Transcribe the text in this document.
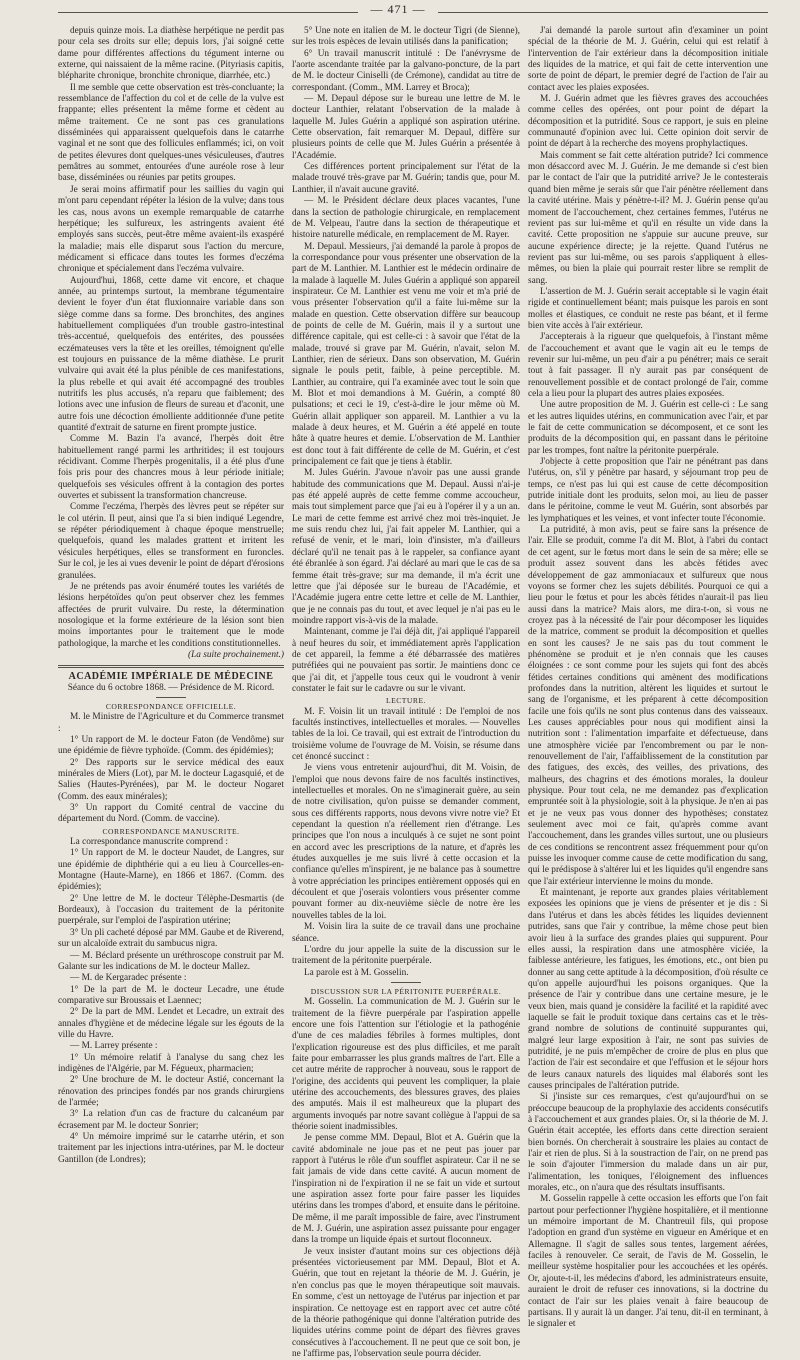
— 471 —

depuis quinze mois. La diathèse herpétique ne perdit pas pour cela ses droits sur elle; depuis lors, j'ai soigné cette dame pour différentes affections du tégument interne ou externe, qui naissaient de la même racine. (Pityriasis capitis, blépharite chronique, bronchite chronique, diarrhée, etc.)

Il me semble que cette observation est très-concluante; la ressemblance de l'affection du col et de celle de la vulve est frappante; elles présentent la même forme et cèdent au même traitement. Ce ne sont pas ces granulations disséminées qui apparaissent quelquefois dans le catarrhe vaginal et ne sont que des follicules enflammés; ici, on voit de petites élevures dont quelques-unes vésiculeuses, d'autres pemâtres au sommet, entourées d'une auréole rose à leur base, disséminées ou réunies par petits groupes.

Je serai moins affirmatif pour les saillies du vagin qui m'ont paru cependant répéter la lésion de la vulve; dans tous les cas, nous avons un exemple remarquable de catarrhe herpétique; les sulfureux, les astringents avaient été employés sans succès, peut-être même avaient-ils exaspéré la maladie; mais elle disparut sous l'action du mercure, médicament si efficace dans toutes les formes d'eczéma chronique et spécialement dans l'eczéma vulvaire.

Aujourd'hui, 1868, cette dame vit encore, et chaque année, au printemps surtout, la membrane tégumentaire devient le foyer d'un état fluxionnaire variable dans son siège comme dans sa forme. Des bronchites, des angines habituellement compliquées d'un trouble gastro-intestinal très-accentué, quelquefois des entérites, des poussées eczémateuses vers la tête et les oreilles, témoignent qu'elle est toujours en puissance de la même diathèse. Le prurit vulvaire qui avait été la plus pénible de ces manifestations, la plus rebelle et qui avait été accompagné des troubles nutritifs les plus accusés, n'a reparu que faiblement; des lotions avec une infusion de fleurs de sureau et d'aconit, une autre fois une décoction émolliente additionnée d'une petite quantité d'extrait de saturne en firent prompte justice.

Comme M. Bazin l'a avancé, l'herpès doit être habituellement rangé parmi les arthritides; il est toujours récidivant. Comme l'herpès progenitalis, il a été plus d'une fois pris pour des chancres mous à leur période initiale; quelquefois ses vésicules offrent à la contagion des portes ouvertes et subissent la transformation chancreuse.

Comme l'eczéma, l'herpès des lèvres peut se répéter sur le col utérin. Il peut, ainsi que l'a si bien indiqué Legendre, se répéter périodiquement à chaque époque menstruelle; quelquefois, quand les malades grattent et irritent les vésicules herpétiques, elles se transforment en furoncles. Sur le col, je les ai vues devenir le point de départ d'érosions granulées.

Je ne prétends pas avoir énuméré toutes les variétés de lésions herpétoïdes qu'on peut observer chez les femmes affectées de prurit vulvaire. Du reste, la détermination nosologique et la forme extérieure de la lésion sont bien moins importantes pour le traitement que le mode pathologique, la marche et les conditions constitutionnelles.

(La suite prochainement.)

ACADÉMIE IMPÉRIALE DE MÉDECINE

Séance du 6 octobre 1868. — Présidence de M. Ricord.

CORRESPONDANCE OFFICIELLE.

M. le Ministre de l'Agriculture et du Commerce transmet :

1° Un rapport de M. le docteur Faton (de Vendôme) sur une épidémie de fièvre typhoïde. (Comm. des épidémies);

2° Des rapports sur le service médical des eaux minérales de Miers (Lot), par M. le docteur Lagasquié, et de Salies (Hautes-Pyrénées), par M. le docteur Nogaret (Comm. des eaux minérales);

3° Un rapport du Comité central de vaccine du département du Nord. (Comm. de vaccine).

CORRESPONDANCE MANUSCRITE.

La correspondance manuscrite comprend :

1° Un rapport de M. le docteur Naudet, de Langres, sur une épidémie de diphthérie qui a eu lieu à Courcelles-en-Montagne (Haute-Marne), en 1866 et 1867. (Comm. des épidémies);

2° Une lettre de M. le docteur Télèphe-Desmartis (de Bordeaux), à l'occasion du traitement de la péritonite puerpérale, sur l'emploi de l'aspiration utérine;

3° Un pli cacheté déposé par MM. Gaube et de Riverend, sur un alcaloïde extrait du sambucus nigra.

— M. Béclard présente un uréthroscope construit par M. Galante sur les indications de M. le docteur Mallez.

— M. de Kergaradec présente :

1° De la part de M. le docteur Lecadre, une étude comparative sur Broussais et Laennec;

2° De la part de MM. Lendet et Lecadre, un extrait des annales d'hygiène et de médecine légale sur les égouts de la ville du Havre.

— M. Larrey présente :

1° Un mémoire relatif à l'analyse du sang chez les indigènes de l'Algérie, par M. Fégueux, pharmacien;

2° Une brochure de M. le docteur Astié, concernant la rénovation des principes fondés par nos grands chirurgiens de l'armée;

3° La relation d'un cas de fracture du calcanéum par écrasement par M. le docteur Sonrier;

4° Un mémoire imprimé sur le catarrhe utérin, et son traitement par les injections intra-utérines, par M. le docteur Gantillon (de Londres);

5° Une note en italien de M. le docteur Tigri (de Sienne), sur les trois espèces de levain utilisés dans la panification;

6° Un travail manuscrit intitulé : De l'anévrysme de l'aorte ascendante traitée par la galvano-poncture, de la part de M. le docteur Ciniselli (de Crémone), candidat au titre de correspondant. (Comm., MM. Larrey et Broca);

— M. Depaul dépose sur le bureau une lettre de M. le docteur Lanthier, relatant l'observation de la malade à laquelle M. Jules Guérin a appliqué son aspiration utérine. Cette observation, fait remarquer M. Depaul, diffère sur plusieurs points de celle que M. Jules Guérin a présentée à l'Académie.

Ces différences portent principalement sur l'état de la malade trouvé très-grave par M. Guérin; tandis que, pour M. Lanthier, il n'avait aucune gravité.

— M. le Président déclare deux places vacantes, l'une dans la section de pathologie chirurgicale, en remplacement de M. Velpeau, l'autre dans la section de thérapeutique et histoire naturelle médicale, en remplacement de M. Rayer.

M. Depaul. Messieurs, j'ai demandé la parole à propos de la correspondance pour vous présenter une observation de la part de M. Lanthier. M. Lanthier est le médecin ordinaire de la malade à laquelle M. Jules Guérin a appliqué son appareil inspirateur. Ce M. Lanthier est venu me voir et m'a prié de vous présenter l'observation qu'il a faite lui-même sur la malade en question. Cette observation diffère sur beaucoup de points de celle de M. Guérin, mais il y a surtout une différence capitale, qui est celle-ci : à savoir que l'état de la malade, trouvé si grave par M. Guérin, n'avait, selon M. Lanthier, rien de sérieux. Dans son observation, M. Guérin signale le pouls petit, faible, à peine perceptible. M. Lanthier, au contraire, qui l'a examinée avec tout le soin que M. Blot et moi demandions à M. Guérin, a compté 80 pulsations; et ceci le 19, c'est-à-dire le jour même où M. Guérin allait appliquer son appareil. M. Lanthier a vu la malade à deux heures, et M. Guérin a été appelé en toute hâte à quatre heures et demie. L'observation de M. Lanthier est donc tout à fait différente de celle de M. Guérin, et c'est principalement ce fait que je tiens à établir.

M. Jules Guérin. J'avoue n'avoir pas une aussi grande habitude des communications que M. Depaul. Aussi n'ai-je pas été appelé auprès de cette femme comme accoucheur, mais tout simplement parce que j'ai eu à l'opérer il y a un an. Le mari de cette femme est arrivé chez moi très-inquiet. Je me suis rendu chez lui, j'ai fait appeler M. Lanthier, qui a refusé de venir, et le mari, loin d'insister, m'a d'ailleurs déclaré qu'il ne tenait pas à le rappeler, sa confiance ayant été ébranlée à son égard. J'ai déclaré au mari que le cas de sa femme était très-grave; sur ma demande, il m'a écrit une lettre que j'ai déposée sur le bureau de l'Académie, et l'Académie jugera entre cette lettre et celle de M. Lanthier, que je ne connais pas du tout, et avec lequel je n'ai pas eu le moindre rapport vis-à-vis de la malade.

Maintenant, comme je l'ai déjà dit, j'ai appliqué l'appareil à neuf heures du soir, et immédiatement après l'application de cet appareil, la femme a été débarrassée des matières putréfiées qui ne pouvaient pas sortir. Je maintiens donc ce que j'ai dit, et j'appelle tous ceux qui le voudront à venir constater le fait sur le cadavre ou sur le vivant.

LECTURE.

M. F. Voisin lit un travail intitulé : De l'emploi de nos facultés instinctives, intellectuelles et morales. — Nouvelles tables de la loi. Ce travail, qui est extrait de l'introduction du troisième volume de l'ouvrage de M. Voisin, se résume dans cet énoncé succinct :

Je viens vous entretenir aujourd'hui, dit M. Voisin, de l'emploi que nous devons faire de nos facultés instinctives, intellectuelles et morales. On ne s'imaginerait guère, au sein de notre civilisation, qu'on puisse se demander comment, sous ces différents rapports, nous devons vivre notre vie? Et cependant la question n'a réellement rien d'étrange. Les principes que l'on nous a inculqués à ce sujet ne sont point en accord avec les prescriptions de la nature, et d'après les études auxquelles je me suis livré à cette occasion et la confiance qu'elles m'inspirent, je ne balance pas à soumettre à votre appréciation les principes entièrement opposés qui en découlent et que j'oserais volontiers vous présenter comme pouvant former au dix-neuvième siècle de notre ère les nouvelles tables de la loi.

M. Voisin lira la suite de ce travail dans une prochaine séance.

L'ordre du jour appelle la suite de la discussion sur le traitement de la péritonite puerpérale.

La parole est à M. Gosselin.

DISCUSSION SUR LA PÉRITONITE PUERPÉRALE.

M. Gosselin. La communication de M. J. Guérin sur le traitement de la fièvre puerpérale par l'aspiration appelle encore une fois l'attention sur l'étiologie et la pathogénie d'une de ces maladies fébriles à formes multiples, dont l'explication rigoureuse est des plus difficiles, et me paraît faite pour embarrasser les plus grands maîtres de l'art. Elle a cet autre mérite de rapprocher à nouveau, sous le rapport de l'origine, des accidents qui peuvent les compliquer, la plaie utérine des accouchements, des blessures graves, des plaies des amputés. Mais il est malheureux que la plupart des arguments invoqués par notre savant collègue à l'appui de sa théorie soient inadmissibles.

Je pense comme MM. Depaul, Blot et A. Guérin que la cavité abdominale ne joue pas et ne peut pas jouer par rapport à l'utérus le rôle d'un soufflet aspirateur. Car il ne se fait jamais de vide dans cette cavité. A aucun moment de l'inspiration ni de l'expiration il ne se fait un vide et surtout une aspiration assez forte pour faire passer les liquides utérins dans les trompes d'abord, et ensuite dans le péritoine. De même, il me paraît impossible de faire, avec l'instrument de M. J. Guérin, une aspiration assez puissante pour engager dans la trompe un liquide épais et surtout floconneux.

Je veux insister d'autant moins sur ces objections déjà présentées victorieusement par MM. Depaul, Blot et A. Guérin, que tout en rejetant la théorie de M. J. Guérin, je n'en conclus pas que le moyen thérapeutique soit mauvais. En somme, c'est un nettoyage de l'utérus par injection et par inspiration. Ce nettoyage est en rapport avec cet autre côté de la théorie pathogénique qui donne l'altération putride des liquides utérins comme point de départ des fièvres graves consécutives à l'accouchement. Il ne peut que ce soit bon, je ne l'affirme pas, l'observation seule pourra décider.

J'ai demandé la parole surtout afin d'examiner un point spécial de la théorie de M. J. Guérin, celui qui est relatif à l'intervention de l'air extérieur dans la décomposition initiale des liquides de la matrice, et qui fait de cette intervention une sorte de point de départ, le premier degré de l'action de l'air au contact avec les plaies exposées.

M. J. Guérin admet que les fièvres graves des accouchées comme celles des opérées, ont pour point de départ la décomposition et la putridité. Sous ce rapport, je suis en pleine communauté d'opinion avec lui. Cette opinion doit servir de point de départ à la recherche des moyens prophylactiques.

Mais comment se fait cette altération putride? Ici commence mon désaccord avec M. J. Guérin. Je me demande si c'est bien par le contact de l'air que la putridité arrive? Je le contesterais quand bien même je serais sûr que l'air pénètre réellement dans la cavité utérine. Mais y pénètre-t-il? M. J. Guérin pense qu'au moment de l'accouchement, chez certaines femmes, l'utérus ne revient pas sur lui-même et qu'il en résulte un vide dans la cavité. Cette proposition ne s'appuie sur aucune preuve, sur aucune expérience directe; je la rejette. Quand l'utérus ne revient pas sur lui-même, ou ses parois s'appliquent à elles-mêmes, ou bien la plaie qui pourrait rester libre se remplit de sang.

L'assertion de M. J. Guérin serait acceptable si le vagin était rigide et continuellement béant; mais puisque les parois en sont molles et élastiques, ce conduit ne reste pas béant, et il ferme bien vite accès à l'air extérieur.

J'accepterais à la rigueur que quelquefois, à l'instant même de l'accouchement et avant que le vagin ait eu le temps de revenir sur lui-même, un peu d'air a pu pénétrer; mais ce serait tout à fait passager. Il n'y aurait pas par conséquent de renouvellement possible et de contact prolongé de l'air, comme cela a lieu pour la plupart des autres plaies exposées.

Une autre proposition de M. J. Guérin est celle-ci : Le sang et les autres liquides utérins, en communication avec l'air, et par le fait de cette communication se décomposent, et ce sont les produits de la décomposition qui, en passant dans le péritoine par les trompes, font naître la péritonite puerpérale.

J'objecte à cette proposition que l'air ne pénétrant pas dans l'utérus, on, s'il y pénètre par hasard, y séjournant trop peu de temps, ce n'est pas lui qui est cause de cette décomposition putride initiale dont les produits, selon moi, au lieu de passer dans le péritoine, comme le veut M. Guérin, sont absorbés par les lymphatiques et les veines, et vont infecter toute l'économie.

La putridité, à mon avis, peut se faire sans la présence de l'air. Elle se produit, comme l'a dit M. Blot, à l'abri du contact de cet agent, sur le fœtus mort dans le sein de sa mère; elle se produit assez souvent dans les abcès fétides avec développement de gaz ammoniacaux et sulfureux que nous voyons se former chez les sujets débilités. Pourquoi ce qui a lieu pour le fœtus et pour les abcès fétides n'aurait-il pas lieu aussi dans la matrice? Mais alors, me dira-t-on, si vous ne croyez pas à la nécessité de l'air pour décomposer les liquides de la matrice, comment se produit la décomposition et quelles en sont les causes? Je ne sais pas du tout comment le phénomène se produit et je n'en connais que les causes éloignées : ce sont comme pour les sujets qui font des abcès fétides certaines conditions qui amènent des modifications profondes dans la nutrition, altèrent les liquides et surtout le sang de l'organisme, et les préparent à cette décomposition facile une fois qu'ils ne sont plus contenus dans des vaisseaux. Les causes appréciables pour nous qui modifient ainsi la nutrition sont : l'alimentation imparfaite et défectueuse, dans une atmosphère viciée par l'encombrement ou par le non-renouvellement de l'air, l'affaiblissement de la constitution par des fatigues, des excès, des veilles, des privations, des malheurs, des chagrins et des émotions morales, la douleur physique. Pour tout cela, ne me demandez pas d'explication empruntée soit à la physiologie, soit à la physique. Je n'en ai pas et je ne veux pas vous donner des hypothèses; constatez seulement avec moi ce fait, qu'après comme avant l'accouchement, dans les grandes villes surtout, une ou plusieurs de ces conditions se rencontrent assez fréquemment pour qu'on puisse les invoquer comme cause de cette modification du sang, qui le prédispose à s'altérer lui et les liquides qu'il engendre sans que l'air extérieur intervienne le moins du monde.

Et maintenant, je reporte aux grandes plaies véritablement exposées les opinions que je viens de présenter et je dis : Si dans l'utérus et dans les abcès fétides les liquides deviennent putrides, sans que l'air y contribue, la même chose peut bien avoir lieu à la surface des grandes plaies qui suppurent. Pour elles aussi, la respiration dans une atmosphère viciée, la faiblesse antérieure, les fatigues, les émotions, etc., ont bien pu donner au sang cette aptitude à la décomposition, d'où résulte ce qu'on appelle aujourd'hui les poisons organiques. Que la présence de l'air y contribue dans une certaine mesure, je le veux bien, mais quand je considère la facilité et la rapidité avec laquelle se fait le produit toxique dans certains cas et le très-grand nombre de solutions de continuité suppurantes qui, malgré leur large exposition à l'air, ne sont pas suivies de putridité, je ne puis m'empêcher de croire de plus en plus que l'action de l'air est secondaire et que l'effusion et le séjour hors de leurs canaux naturels des liquides mal élaborés sont les causes principales de l'altération putride.

Si j'insiste sur ces remarques, c'est qu'aujourd'hui on se préoccupe beaucoup de la prophylaxie des accidents consécutifs à l'accouchement et aux grandes plaies. Or, si la théorie de M. J. Guérin était acceptée, les efforts dans cette direction seraient bien bornés. On chercherait à soustraire les plaies au contact de l'air et rien de plus. Si à la soustraction de l'air, on ne prend pas le soin d'ajouter l'immersion du malade dans un air pur, l'alimentation, les toniques, l'éloignement des influences morales, etc., on n'aura que des résultats insuffisants.

M. Gosselin rappelle à cette occasion les efforts que l'on fait partout pour perfectionner l'hygiène hospitalière, et il mentionne un mémoire important de M. Chantreuil fils, qui propose l'adoption en grand d'un système en vigueur en Amérique et en Allemagne. Il s'agit de salles sous tentes, largement aérées, faciles à renouveler. Ce serait, de l'avis de M. Gosselin, le meilleur système hospitalier pour les accouchées et les opérés. Or, ajoute-t-il, les médecins d'abord, les administrateurs ensuite, auraient le droit de refuser ces innovations, si la doctrine du contact de l'air sur les plaies venait à faire beaucoup de partisans. Il y aurait là un danger. J'ai tenu, dit-il en terminant, à le signaler et
